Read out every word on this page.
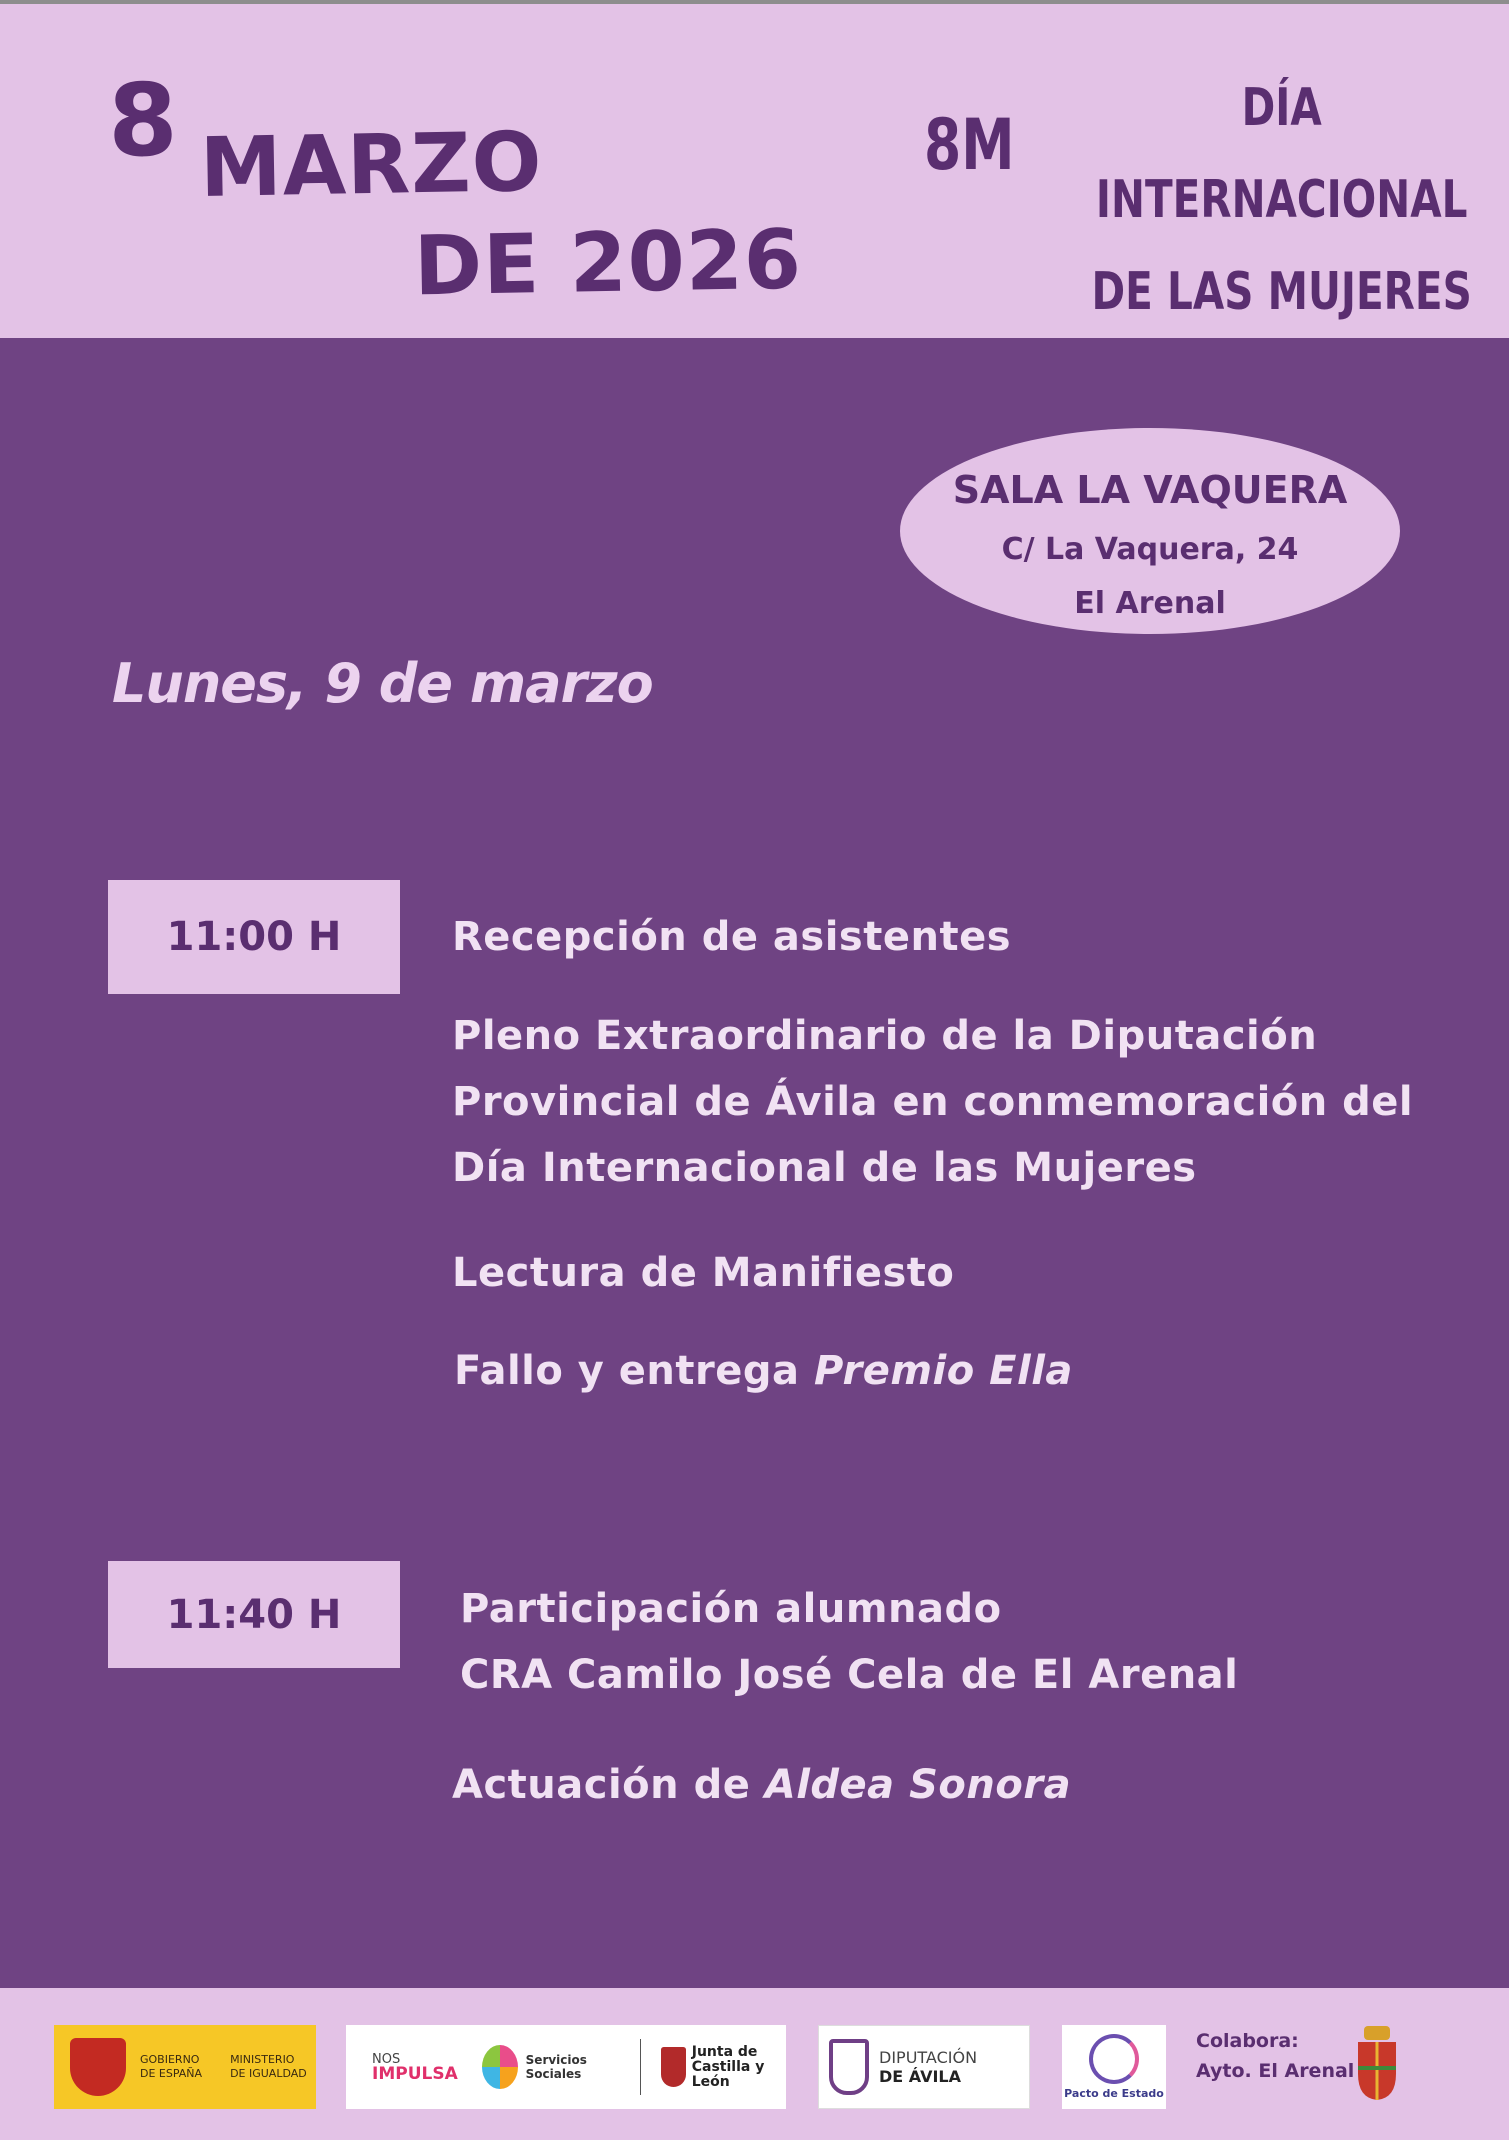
8 MARZO
DE 2026
8M	DÍA INTERNACIONAL
DE LAS MUJERES
SALA LA VAQUERA
C/ La Vaquera, 24
El Arenal
Lunes, 9 de marzo
11:00 H	Recepción de asistentes
Pleno Extraordinario de la Diputación
Provincial de Ávila en conmemoración del
Día Internacional de las Mujeres
Lectura de Manifiesto
Fallo y entrega Premio Ella
11:40 H	Participación alumnado
CRA Camilo José Cela de El Arenal
Actuación de Aldea Sonora
GOBIERNO
DE ESPAÑA
MINISTERIO
DE IGUALDAD
NOS
IMPULSA
Servicios Sociales
Junta de
Castilla y León
DIPUTACIÓN
DE ÁVILA
Pacto de Estado
Colabora:
Ayto. El Arenal
